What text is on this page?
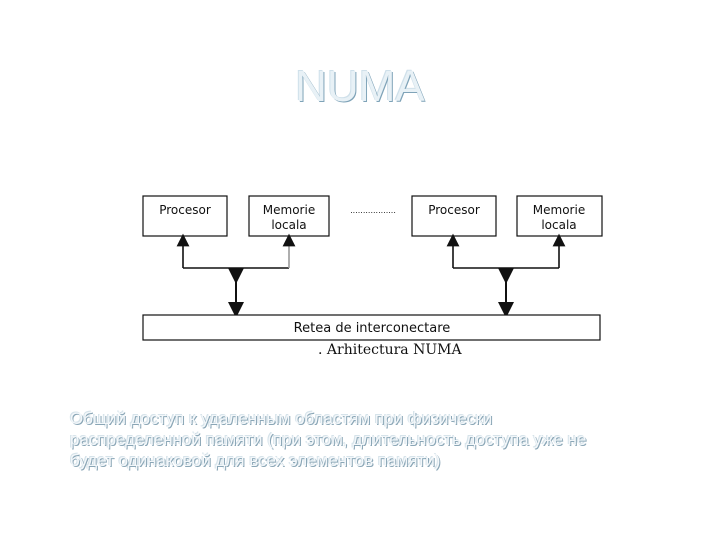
NUMA
Procesor	Memorie
locala
..................	Procesor	Memorie
locala
Retea de interconectare
. Arhitectura NUMA
Общий доступ к удаленным областям при физически
распределенной памяти (при этом, длительность доступа уже не
будет одинаковой для всех элементов памяти)
